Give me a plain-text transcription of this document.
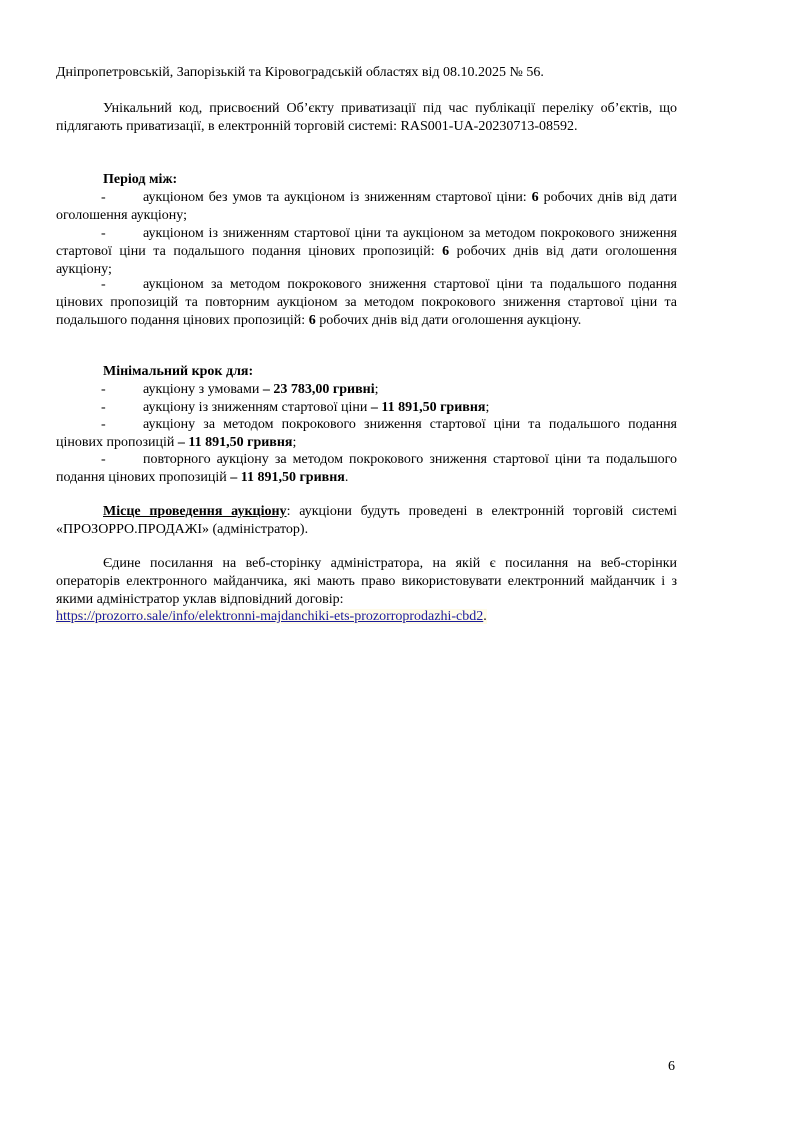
Дніпропетровській, Запорізькій та Кіровоградській областях від 08.10.2025 № 56.

Унікальний код, присвоєний Об’єкту приватизації під час публікації переліку об’єктів, що підлягають приватизації, в електронній торговій системі: RAS001-UA-20230713-08592.

Період між:

-	аукціоном без умов та аукціоном із зниженням стартової ціни: 6 робочих днів від дати оголошення аукціону;

-	аукціоном із зниженням стартової ціни та аукціоном за методом покрокового зниження стартової ціни та подальшого подання цінових пропозицій: 6 робочих днів від дати оголошення аукціону;

-	аукціоном за методом покрокового зниження стартової ціни та подальшого подання цінових пропозицій та повторним аукціоном за методом покрокового зниження стартової ціни та подальшого подання цінових пропозицій: 6 робочих днів від дати оголошення аукціону.

Мінімальний крок для:

-	аукціону з умовами – 23 783,00 гривні;

-	аукціону із зниженням стартової ціни – 11 891,50 гривня;

-	аукціону за методом покрокового зниження стартової ціни та подальшого подання цінових пропозицій – 11 891,50 гривня;

-	повторного аукціону за методом покрокового зниження стартової ціни та подальшого подання цінових пропозицій – 11 891,50 гривня.

Місце проведення аукціону: аукціони будуть проведені в електронній торговій системі «ПРОЗОРРО.ПРОДАЖІ» (адміністратор).

Єдине посилання на веб-сторінку адміністратора, на якій є посилання на веб-сторінки операторів електронного майданчика, які мають право використовувати електронний майданчик і з якими адміністратор уклав відповідний договір:

https://prozorro.sale/info/elektronni-majdanchiki-ets-prozorroprodazhi-cbd2.

6
